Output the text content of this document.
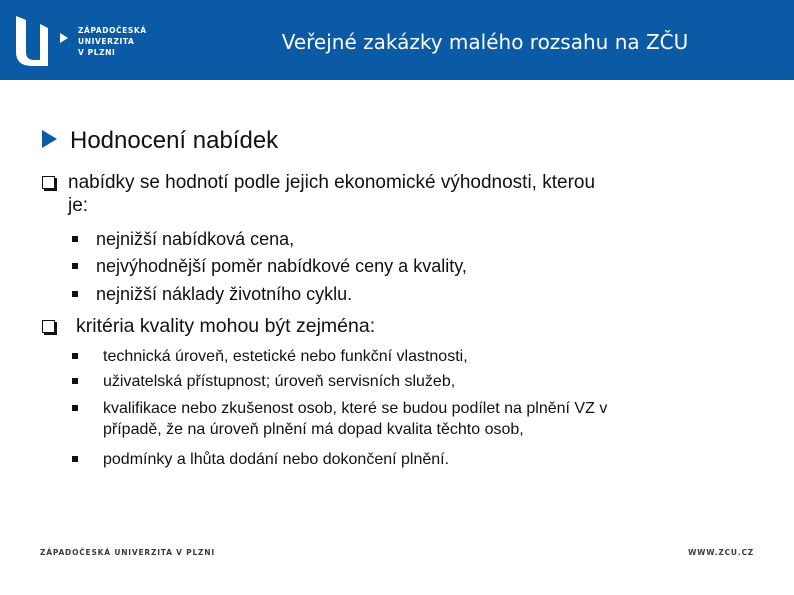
ZÁPADOČESKÁ
UNIVERZITA
V PLZNI	Veřejné zakázky malého rozsahu na ZČU
Hodnocení nabídek
nabídky se hodnotí podle jejich ekonomické výhodnosti, kterou
je:
nejnižší nabídková cena,
nejvýhodnější poměr nabídkové ceny a kvality,
nejnižší náklady životního cyklu.
kritéria kvality mohou být zejména:
technická úroveň, estetické nebo funkční vlastnosti,
uživatelská přístupnost; úroveň servisních služeb,
kvalifikace nebo zkušenost osob, které se budou podílet na plnění VZ v
případě, že na úroveň plnění má dopad kvalita těchto osob,
podmínky a lhůta dodání nebo dokončení plnění.
ZÁPADOČESKÁ UNIVERZITA V PLZNI	WWW.ZCU.CZ
